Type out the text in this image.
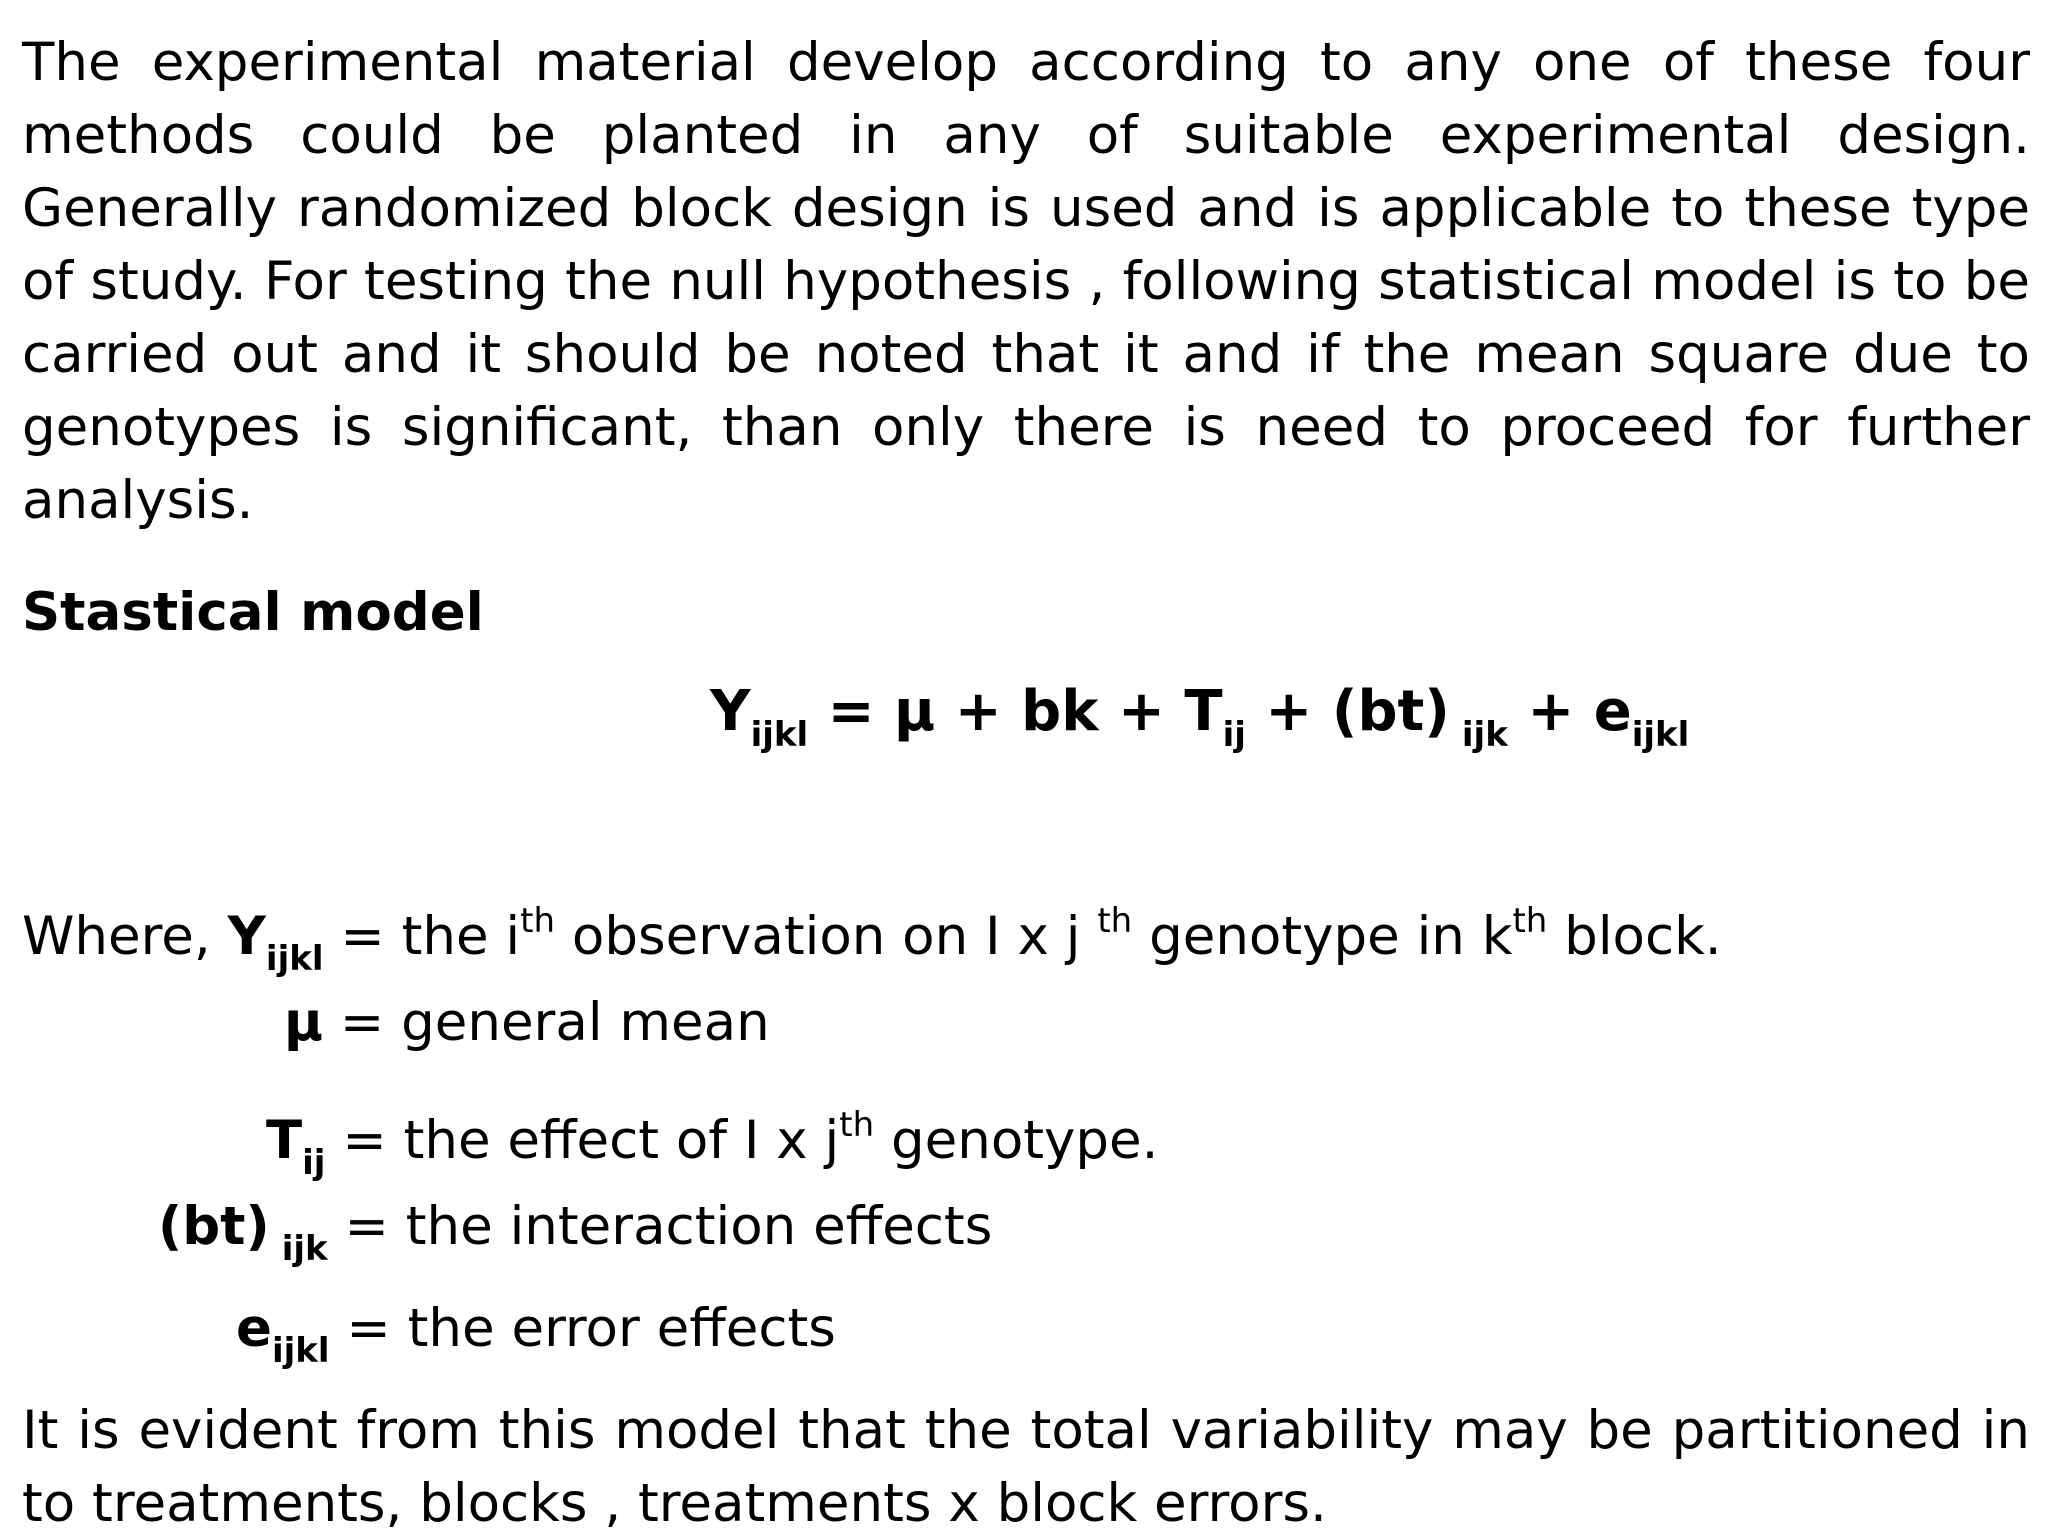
The experimental material develop according to any one of these four methods could be planted in any of suitable experimental design. Generally randomized block design is used and is applicable to these type of study. For testing the null hypothesis , following statistical model is to be carried out and it should be noted that it and if the mean square due to genotypes is significant, than only there is need to proceed for further analysis.
Stastical model
$Y_{ijkl} = \mu$ + bk + $T_{ij} + (bt) _{ijk} + e_{ijkl}$
Where, $Y_{ijkl}$ = the $i^{th}$ observation on I x j $^{th}$ genotype in $k^{th}$ block.
μ = general mean
$T_{ij}$ = the effect of I x $j^{th}$ genotype.
(bt) $_{ijk}$ = the interaction effects
$e_{ijkl}$ = the error effects
It is evident from this model that the total variability may be partitioned in to treatments, blocks , treatments x block errors.
